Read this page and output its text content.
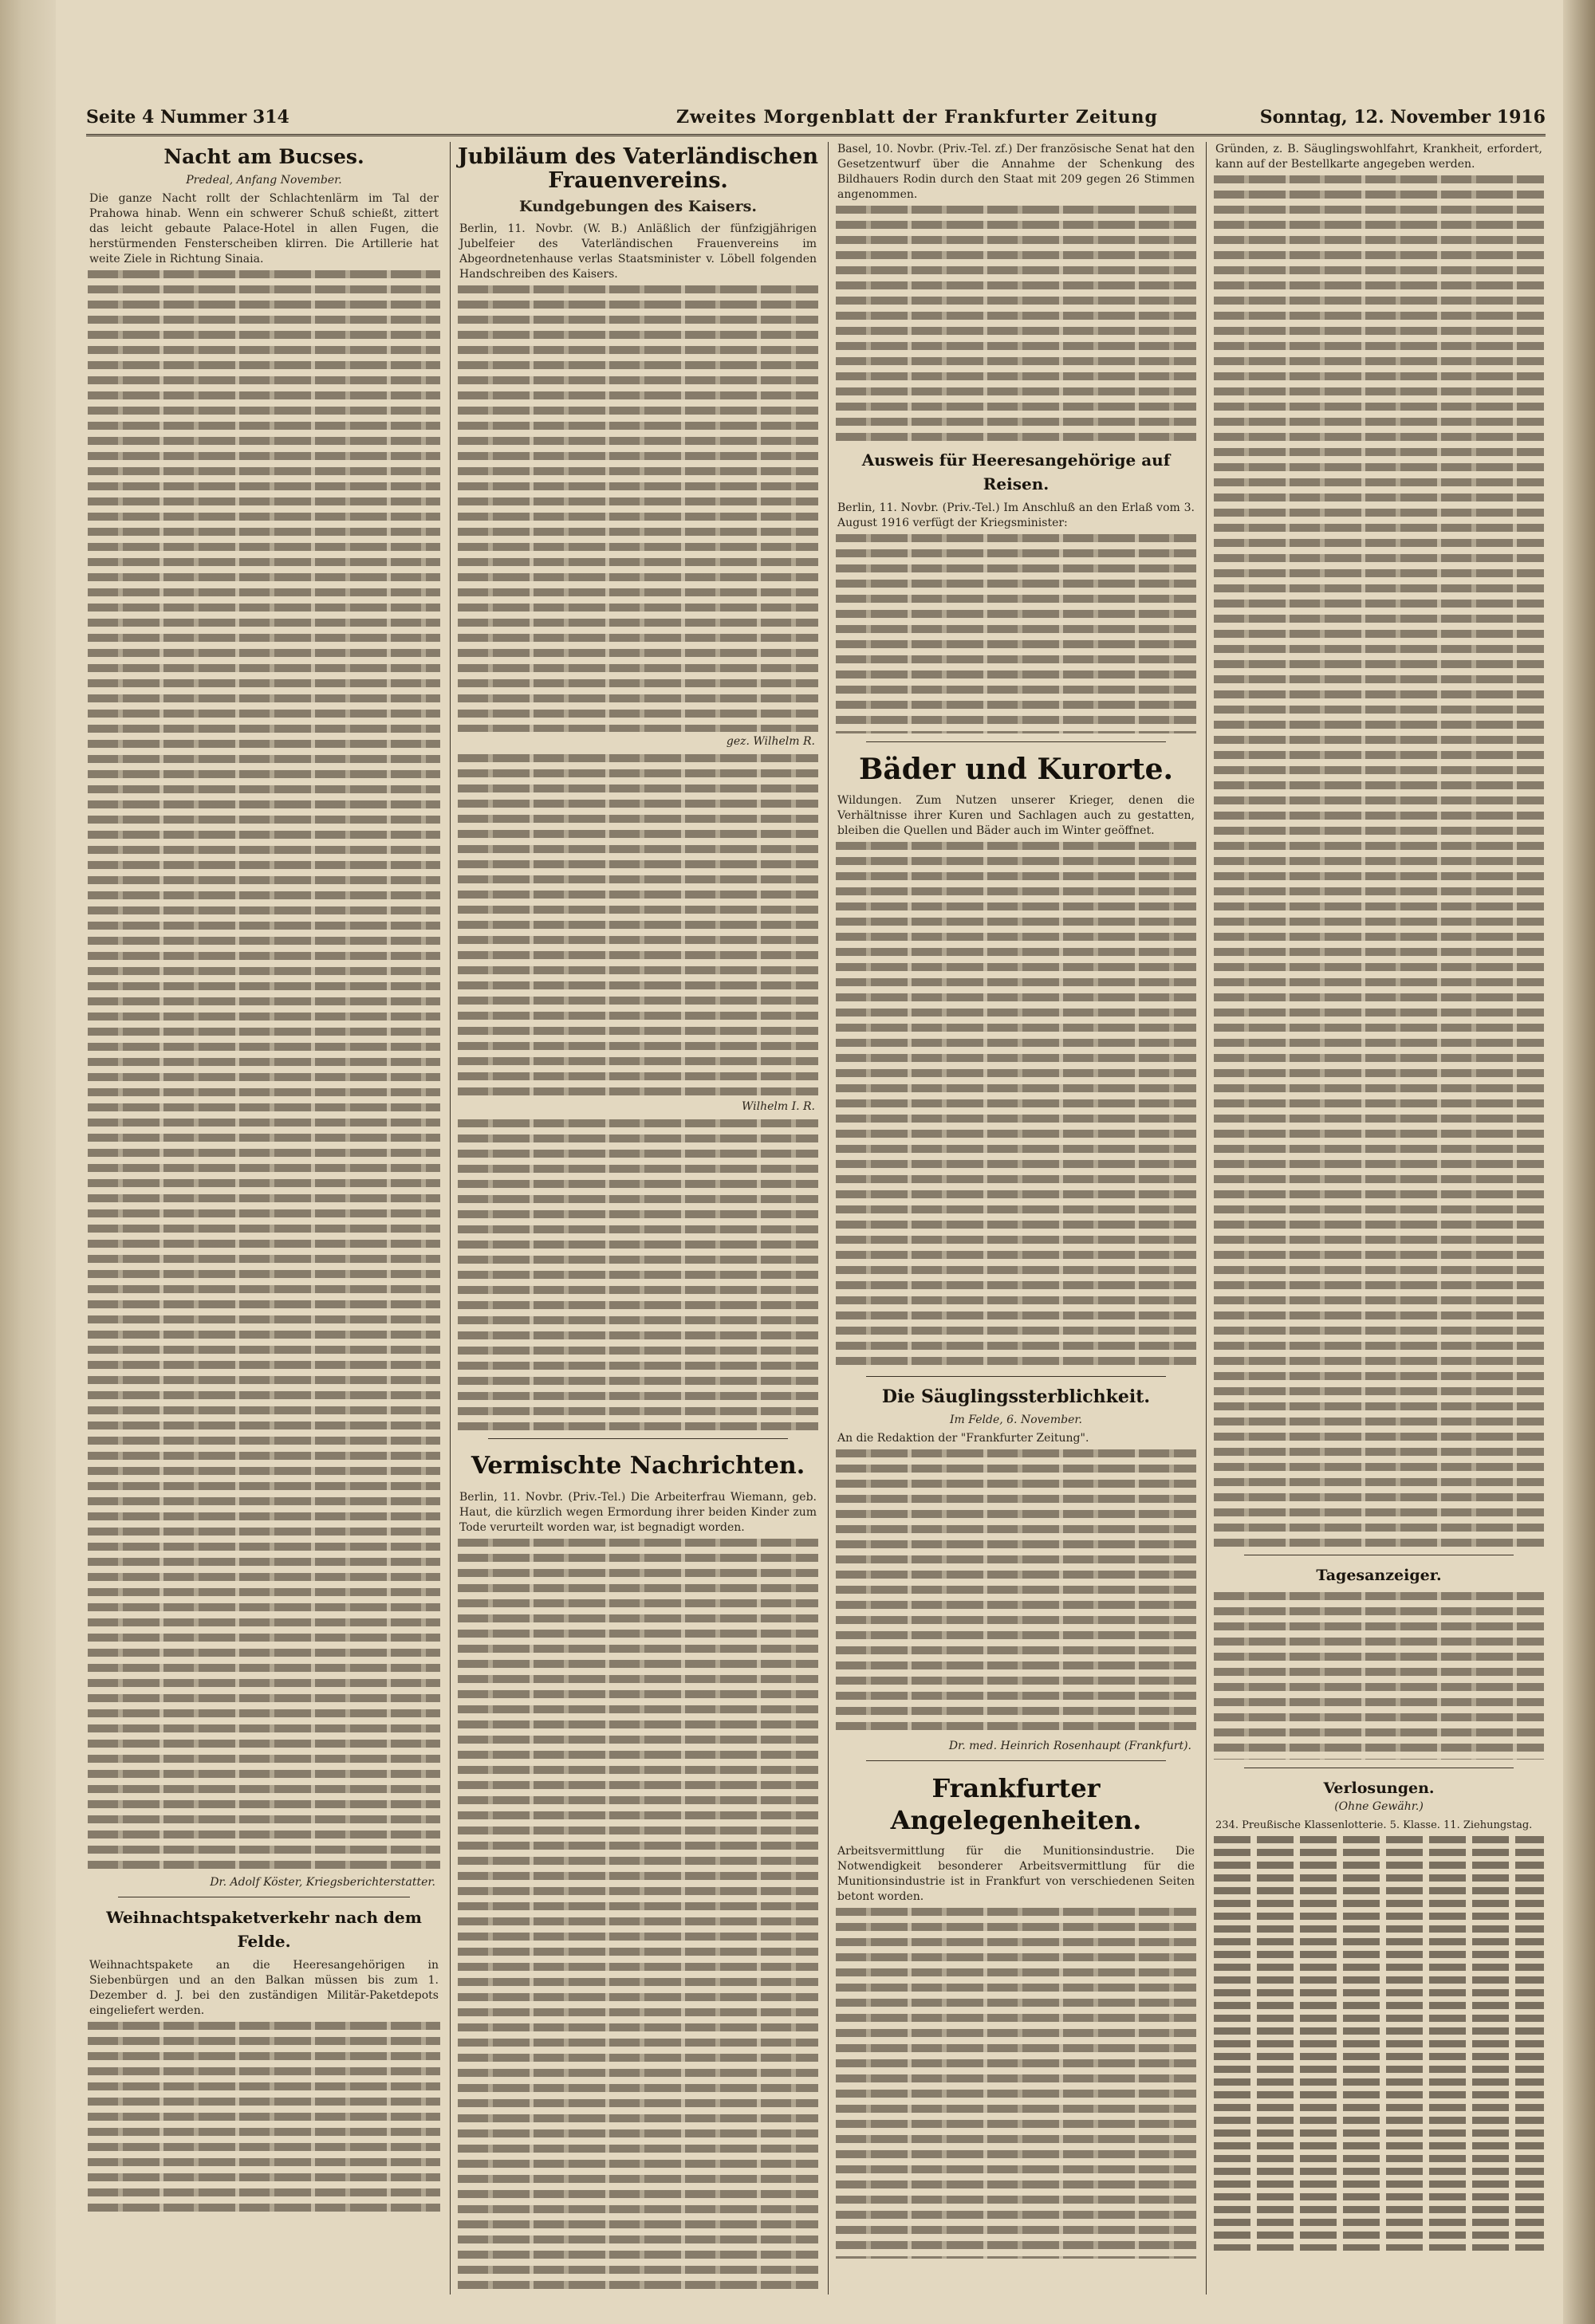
Seite 4 Nummer 314	Zweites Morgenblatt der Frankfurter Zeitung	Sonntag, 12. November 1916
Nacht am Bucses.
Predeal, Anfang November.

Die ganze Nacht rollt der Schlachtenlärm im Tal der Prahowa hinab. Wenn ein schwerer Schuß schießt, zittert das leicht gebaute Palace-Hotel in allen Fugen, die herstürmenden Fensterscheiben klirren. Die Artillerie hat weite Ziele in Richtung Sinaia.

Dr. Adolf Köster, Kriegsberichterstatter.
Weihnachtspaketverkehr nach dem Felde.

Weihnachtspakete an die Heeresangehörigen in Siebenbürgen und an den Balkan müssen bis zum 1. Dezember d. J. bei den zuständigen Militär-Paketdepots eingeliefert werden.

Jubiläum des Vaterländischen Frauenvereins.
Kundgebungen des Kaisers.

Berlin, 11. Novbr. (W. B.) Anläßlich der fünfzigjährigen Jubelfeier des Vaterländischen Frauenvereins im Abgeordnetenhause verlas Staatsminister v. Löbell folgenden Handschreiben des Kaisers.

gez. Wilhelm R.
Wilhelm I. R.
Vermischte Nachrichten.

Berlin, 11. Novbr. (Priv.-Tel.) Die Arbeiterfrau Wiemann, geb. Haut, die kürzlich wegen Ermordung ihrer beiden Kinder zum Tode verurteilt worden war, ist begnadigt worden.

Basel, 10. Novbr. (Priv.-Tel. zf.) Der französische Senat hat den Gesetzentwurf über die Annahme der Schenkung des Bildhauers Rodin durch den Staat mit 209 gegen 26 Stimmen angenommen.

Ausweis für Heeresangehörige auf Reisen.

Berlin, 11. Novbr. (Priv.-Tel.) Im Anschluß an den Erlaß vom 3. August 1916 verfügt der Kriegsminister:

Bäder und Kurorte.

Wildungen. Zum Nutzen unserer Krieger, denen die Verhältnisse ihrer Kuren und Sachlagen auch zu gestatten, bleiben die Quellen und Bäder auch im Winter geöffnet.

Die Säuglingssterblichkeit.
Im Felde, 6. November.

An die Redaktion der "Frankfurter Zeitung".

Dr. med. Heinrich Rosenhaupt (Frankfurt).
Frankfurter Angelegenheiten.

Arbeitsvermittlung für die Munitionsindustrie. Die Notwendigkeit besonderer Arbeitsvermittlung für die Munitionsindustrie ist in Frankfurt von verschiedenen Seiten betont worden.

Gründen, z. B. Säuglingswohlfahrt, Krankheit, erfordert, kann auf der Bestellkarte angegeben werden.

Tagesanzeiger.
Verlosungen.
(Ohne Gewähr.)

234. Preußische Klassenlotterie. 5. Klasse. 11. Ziehungstag.
